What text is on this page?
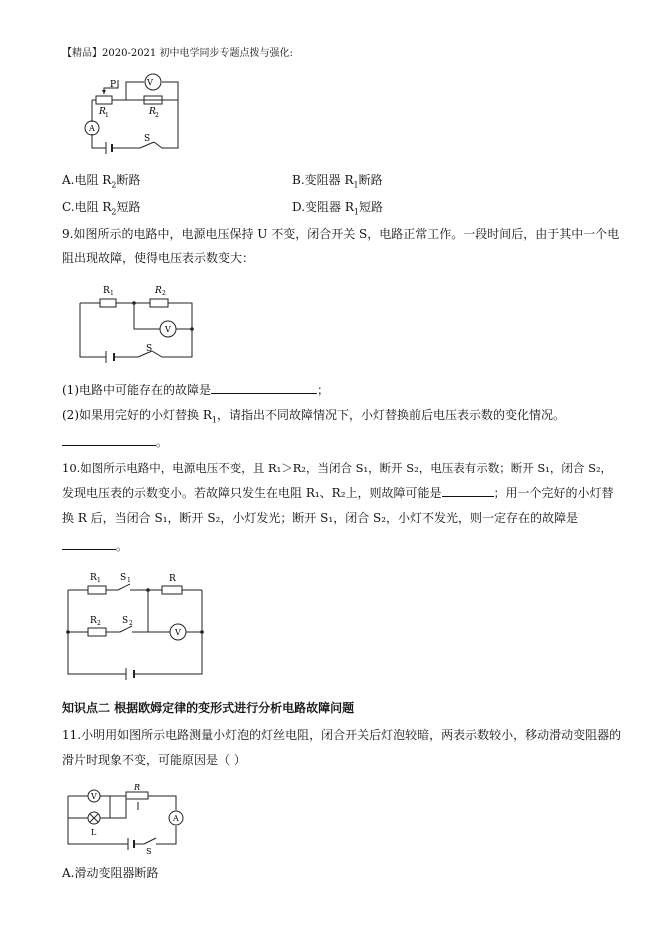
【精品】2020-2021 初中电学同步专题点拨与强化:
P	V
A
R 1	R 2
S
A.电阻 $R_2$断路	B.变阻器 $R_1$断路
C.电阻 $R_2$短路	D.变阻器 $R_1$短路
9.如图所示的电路中，电源电压保持 U 不变，闭合开关 S，电路正常工作。一段时间后，由于其中一个电
阻出现故障，使得电压表示数变大：
R 1	R 2
V
S
(1)电路中可能存在的故障是	；
(2)如果用完好的小灯替换 $R_1$，请指出不同故障情况下，小灯替换前后电压表示数的变化情况。
。
10.如图所示电路中，电源电压不变，且 R₁＞R₂，当闭合 S₁，断开 S₂，电压表有示数；断开 S₁，闭合 S₂，
发现电压表的示数变小。若故障只发生在电阻 R₁、R₂上，则故障可能是	；用一个完好的小灯替
换 R 后，当闭合 S₁，断开 S₂，小灯发光；断开 S₁，闭合 S₂，小灯不发光，则一定存在的故障是
。
R 1 S 1	R
R 2 S 2
V
知识点二 根据欧姆定律的变形式进行分析电路故障问题
11.小明用如图所示电路测量小灯泡的灯丝电阻，闭合开关后灯泡较暗，两表示数较小，移动滑动变阻器的
滑片时现象不变，可能原因是（ ）
V
R
L
A
S
A.滑动变阻器断路
